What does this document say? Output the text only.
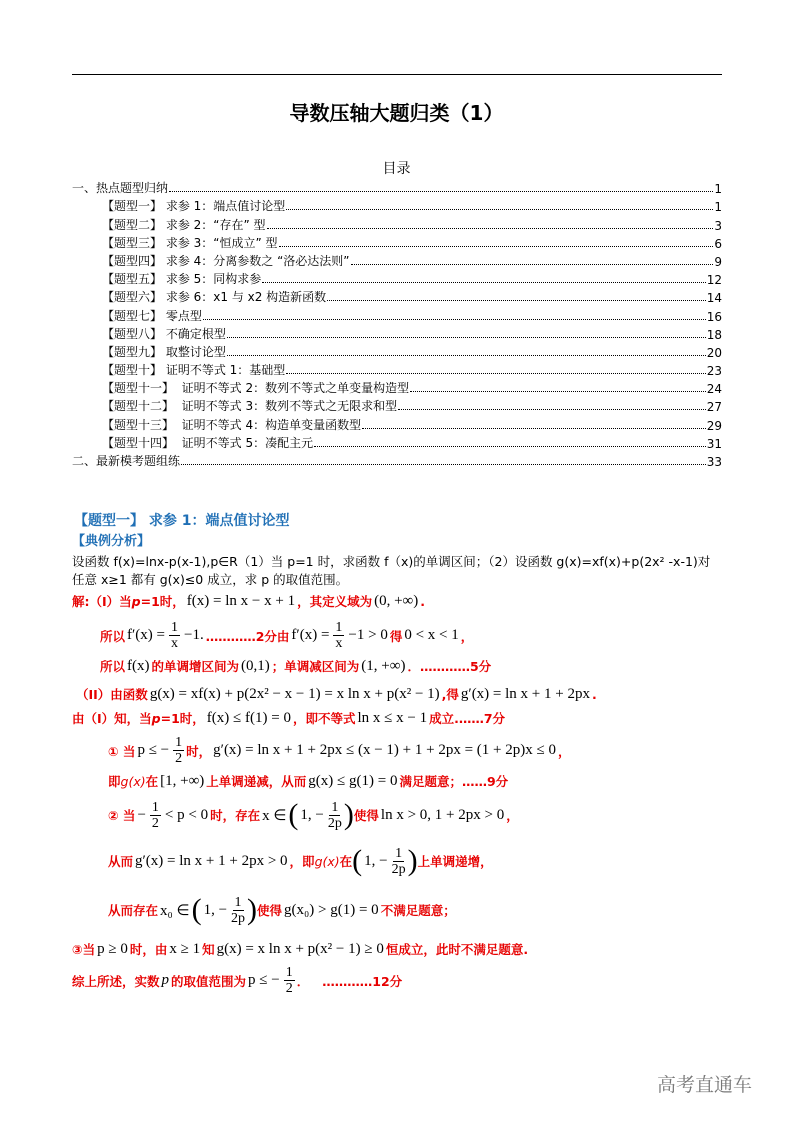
导数压轴大题归类（1）
目录
一、热点题型归纳	1
【题型一】 求参 1：端点值讨论型	1
【题型二】 求参 2：“存在” 型	3
【题型三】 求参 3：“恒成立” 型	6
【题型四】 求参 4：分离参数之 “洛必达法则”	9
【题型五】 求参 5：同构求参	12
【题型六】 求参 6：x1 与 x2 构造新函数	14
【题型七】 零点型	16
【题型八】 不确定根型	18
【题型九】 取整讨论型	20
【题型十】 证明不等式 1：基础型	23
【题型十一】  证明不等式 2：数列不等式之单变量构造型	24
【题型十二】  证明不等式 3：数列不等式之无限求和型	27
【题型十三】  证明不等式 4：构造单变量函数型	29
【题型十四】  证明不等式 5：凑配主元	31
二、最新模考题组练	33
【题型一】 求参 1：端点值讨论型
【典例分析】
设函数 f(x)=lnx-p(x-1),p∈R（1）当 p=1 时，求函数 f（x)的单调区间；（2）设函数 g(x)=xf(x)+p(2x² -x-1)对
任意 x≥1 都有 g(x)≤0 成立，求 p 的取值范围。
解:（I）当 p =1时， f(x) = ln x − x + 1 ，其定义域为 (0, +∞) .
所以 $f'(x) = \frac{1}{x} -1$. …………2分由 $f'(x) = \frac{1}{x} -1 > 0$ 得 0 < x < 1 ，
所以 f(x) 的单调增区间为 (0,1) ；单调减区间为 (1, +∞) ．…………5分
（II）由函数 g(x) = xf(x) + p(2x² − x − 1) = x ln x + p(x² − 1) ,得 g′(x) = ln x + 1 + 2px .
由（I）知，当 p =1时， f(x) ≤ f(1) = 0 ，即不等式 ln x ≤ x − 1 成立.……7分
① 当 p ≤ − $\frac{1}{2}$ 时， g′(x) = ln x + 1 + 2px ≤ (x − 1) + 1 + 2px = (1 + 2p)x ≤ 0 ，
即 g(x) 在 [1, +∞) 上单调递减，从而 g(x) ≤ g(1) = 0 满足题意；……9分
② 当 − $\frac{1}{2} < p < 0$ 时，存在 x ∈ ( 1, − $\frac{1}{2p}$ ) 使得 ln x > 0, 1 + 2px > 0 ，
从而 g′(x) = ln x + 1 + 2px > 0 ，即 g(x) 在 ( 1, − $\frac{1}{2p}$ ) 上单调递增，
从而存在 x₀ ∈ ( 1, − $\frac{1}{2p}$ ) 使得 g(x₀) > g(1) = 0 不满足题意；
③当 p ≥ 0 时，由 x ≥ 1 知 g(x) = x ln x + p(x² − 1) ≥ 0 恒成立，此时不满足题意.
综上所述，实数 p 的取值范围为 p ≤ − $\frac{1}{2}$ ．   …………12分
高考直通车
